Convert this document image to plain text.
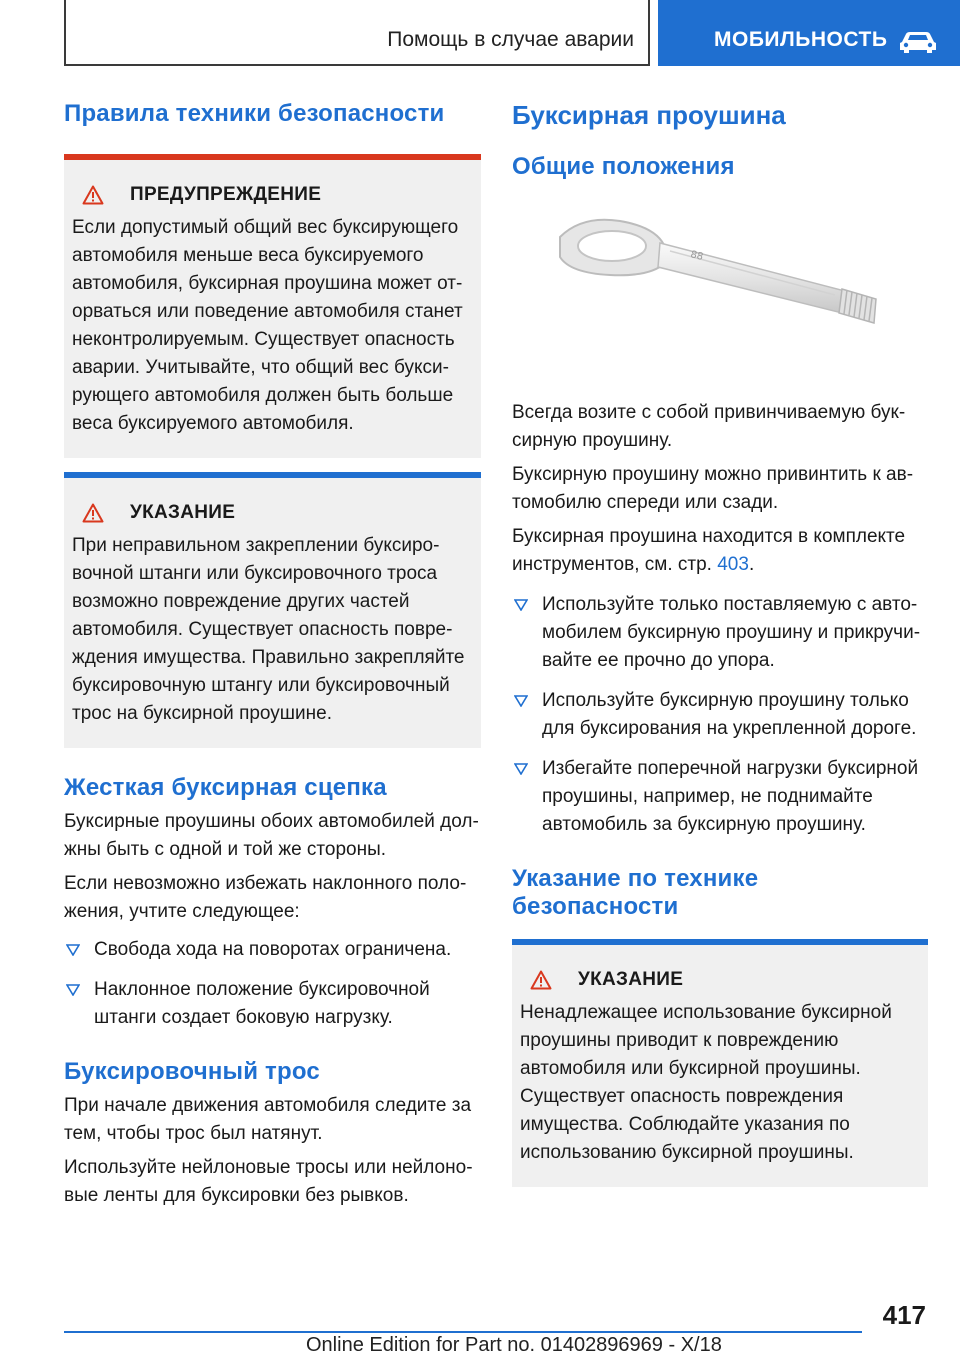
Помощь в случае аварии	МОБИЛЬНОСТЬ
Правила техники безопасности
ПРЕДУПРЕЖДЕНИЕ
Если допустимый общий вес буксирующего автомобиля меньше веса буксируемого автомобиля, буксирная проушина может оторваться или поведение автомобиля станет неконтролируемым. Существует опасность аварии. Учитывайте, что общий вес буксирующего автомобиля должен быть больше веса буксируемого автомобиля.
УКАЗАНИЕ
При неправильном закреплении буксировочной штанги или буксировочного троса возможно повреждение других частей автомобиля. Существует опасность повреждения имущества. Правильно закрепляйте буксировочную штангу или буксировочный трос на буксирной проушине.
Жесткая буксирная сцепка

Буксирные проушины обоих автомобилей должны быть с одной и той же стороны.

Если невозможно избежать наклонного положения, учтите следующее:

Свобода хода на поворотах ограничена.
Наклонное положение буксировочной штанги создает боковую нагрузку.
Буксировочный трос

При начале движения автомобиля следите за тем, чтобы трос был натянут.

Используйте нейлоновые тросы или нейлоновые ленты для буксировки без рывков.

Буксирная проушина
Общие положения
88

Всегда возите с собой привинчиваемую буксирную проушину.

Буксирную проушину можно привинтить к автомобилю спереди или сзади.

Буксирная проушина находится в комплекте инструментов, см. стр. 403.

Используйте только поставляемую с автомобилем буксирную проушину и прикручивайте ее прочно до упора.
Используйте буксирную проушину только для буксирования на укрепленной дороге.
Избегайте поперечной нагрузки буксирной проушины, например, не поднимайте автомобиль за буксирную проушину.
Указание по технике безопасности
УКАЗАНИЕ
Ненадлежащее использование буксирной проушины приводит к повреждению автомобиля или буксирной проушины. Существует опасность повреждения имущества. Соблюдайте указания по использованию буксирной проушины.
417
Online Edition for Part no. 01402896969 - X/18
